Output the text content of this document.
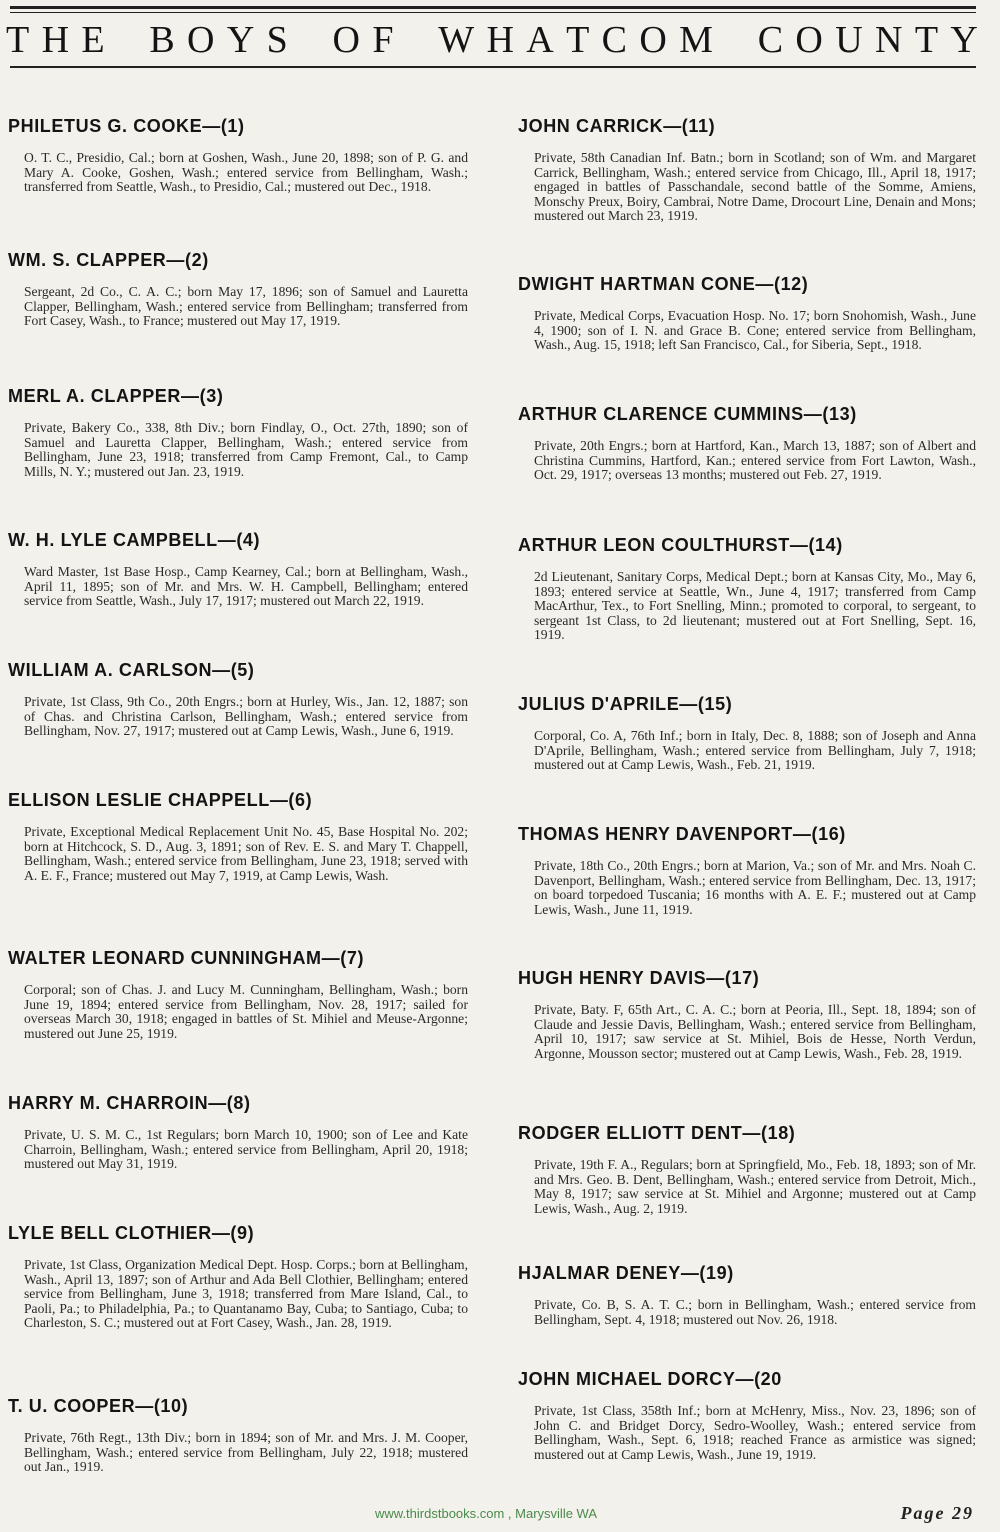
T H E B O Y S O F W H A T C O M C O U N T Y
PHILETUS G. COOKE—(1)
O. T. C., Presidio, Cal.; born at Goshen, Wash., June 20, 1898; son of P. G. and Mary A. Cooke, Goshen, Wash.; entered service from Bellingham, Wash.; transferred from Seattle, Wash., to Presidio, Cal.; mustered out Dec., 1918.
WM. S. CLAPPER—(2)
Sergeant, 2d Co., C. A. C.; born May 17, 1896; son of Samuel and Lauretta Clapper, Bellingham, Wash.; entered service from Bellingham; transferred from Fort Casey, Wash., to France; mustered out May 17, 1919.
MERL A. CLAPPER—(3)
Private, Bakery Co., 338, 8th Div.; born Findlay, O., Oct. 27th, 1890; son of Samuel and Lauretta Clapper, Bellingham, Wash.; entered service from Bellingham, June 23, 1918; transferred from Camp Fremont, Cal., to Camp Mills, N. Y.; mustered out Jan. 23, 1919.
W. H. LYLE CAMPBELL—(4)
Ward Master, 1st Base Hosp., Camp Kearney, Cal.; born at Bellingham, Wash., April 11, 1895; son of Mr. and Mrs. W. H. Campbell, Bellingham; entered service from Seattle, Wash., July 17, 1917; mustered out March 22, 1919.
WILLIAM A. CARLSON—(5)
Private, 1st Class, 9th Co., 20th Engrs.; born at Hurley, Wis., Jan. 12, 1887; son of Chas. and Christina Carlson, Bellingham, Wash.; entered service from Bellingham, Nov. 27, 1917; mustered out at Camp Lewis, Wash., June 6, 1919.
ELLISON LESLIE CHAPPELL—(6)
Private, Exceptional Medical Replacement Unit No. 45, Base Hospital No. 202; born at Hitchcock, S. D., Aug. 3, 1891; son of Rev. E. S. and Mary T. Chappell, Bellingham, Wash.; entered service from Bellingham, June 23, 1918; served with A. E. F., France; mustered out May 7, 1919, at Camp Lewis, Wash.
WALTER LEONARD CUNNINGHAM—(7)
Corporal; son of Chas. J. and Lucy M. Cunningham, Bellingham, Wash.; born June 19, 1894; entered service from Bellingham, Nov. 28, 1917; sailed for overseas March 30, 1918; engaged in battles of St. Mihiel and Meuse-Argonne; mustered out June 25, 1919.
HARRY M. CHARROIN—(8)
Private, U. S. M. C., 1st Regulars; born March 10, 1900; son of Lee and Kate Charroin, Bellingham, Wash.; entered service from Bellingham, April 20, 1918; mustered out May 31, 1919.
LYLE BELL CLOTHIER—(9)
Private, 1st Class, Organization Medical Dept. Hosp. Corps.; born at Bellingham, Wash., April 13, 1897; son of Arthur and Ada Bell Clothier, Bellingham; entered service from Bellingham, June 3, 1918; transferred from Mare Island, Cal., to Paoli, Pa.; to Philadelphia, Pa.; to Quantanamo Bay, Cuba; to Santiago, Cuba; to Charleston, S. C.; mustered out at Fort Casey, Wash., Jan. 28, 1919.
T. U. COOPER—(10)
Private, 76th Regt., 13th Div.; born in 1894; son of Mr. and Mrs. J. M. Cooper, Bellingham, Wash.; entered service from Bellingham, July 22, 1918; mustered out Jan., 1919.
JOHN CARRICK—(11)
Private, 58th Canadian Inf. Batn.; born in Scotland; son of Wm. and Margaret Carrick, Bellingham, Wash.; entered service from Chicago, Ill., April 18, 1917; engaged in battles of Passchandale, second battle of the Somme, Amiens, Monschy Preux, Boiry, Cambrai, Notre Dame, Drocourt Line, Denain and Mons; mustered out March 23, 1919.
DWIGHT HARTMAN CONE—(12)
Private, Medical Corps, Evacuation Hosp. No. 17; born Snohomish, Wash., June 4, 1900; son of I. N. and Grace B. Cone; entered service from Bellingham, Wash., Aug. 15, 1918; left San Francisco, Cal., for Siberia, Sept., 1918.
ARTHUR CLARENCE CUMMINS—(13)
Private, 20th Engrs.; born at Hartford, Kan., March 13, 1887; son of Albert and Christina Cummins, Hartford, Kan.; entered service from Fort Lawton, Wash., Oct. 29, 1917; overseas 13 months; mustered out Feb. 27, 1919.
ARTHUR LEON COULTHURST—(14)
2d Lieutenant, Sanitary Corps, Medical Dept.; born at Kansas City, Mo., May 6, 1893; entered service at Seattle, Wn., June 4, 1917; transferred from Camp MacArthur, Tex., to Fort Snelling, Minn.; promoted to corporal, to sergeant, to sergeant 1st Class, to 2d lieutenant; mustered out at Fort Snelling, Sept. 16, 1919.
JULIUS D'APRILE—(15)
Corporal, Co. A, 76th Inf.; born in Italy, Dec. 8, 1888; son of Joseph and Anna D'Aprile, Bellingham, Wash.; entered service from Bellingham, July 7, 1918; mustered out at Camp Lewis, Wash., Feb. 21, 1919.
THOMAS HENRY DAVENPORT—(16)
Private, 18th Co., 20th Engrs.; born at Marion, Va.; son of Mr. and Mrs. Noah C. Davenport, Bellingham, Wash.; entered service from Bellingham, Dec. 13, 1917; on board torpedoed Tuscania; 16 months with A. E. F.; mustered out at Camp Lewis, Wash., June 11, 1919.
HUGH HENRY DAVIS—(17)
Private, Baty. F, 65th Art., C. A. C.; born at Peoria, Ill., Sept. 18, 1894; son of Claude and Jessie Davis, Bellingham, Wash.; entered service from Bellingham, April 10, 1917; saw service at St. Mihiel, Bois de Hesse, North Verdun, Argonne, Mousson sector; mustered out at Camp Lewis, Wash., Feb. 28, 1919.
RODGER ELLIOTT DENT—(18)
Private, 19th F. A., Regulars; born at Springfield, Mo., Feb. 18, 1893; son of Mr. and Mrs. Geo. B. Dent, Bellingham, Wash.; entered service from Detroit, Mich., May 8, 1917; saw service at St. Mihiel and Argonne; mustered out at Camp Lewis, Wash., Aug. 2, 1919.
HJALMAR DENEY—(19)
Private, Co. B, S. A. T. C.; born in Bellingham, Wash.; entered service from Bellingham, Sept. 4, 1918; mustered out Nov. 26, 1918.
JOHN MICHAEL DORCY—(20
Private, 1st Class, 358th Inf.; born at McHenry, Miss., Nov. 23, 1896; son of John C. and Bridget Dorcy, Sedro-Woolley, Wash.; entered service from Bellingham, Wash., Sept. 6, 1918; reached France as armistice was signed; mustered out at Camp Lewis, Wash., June 19, 1919.
www.thirdstbooks.com , Marysville WA	Page 29
